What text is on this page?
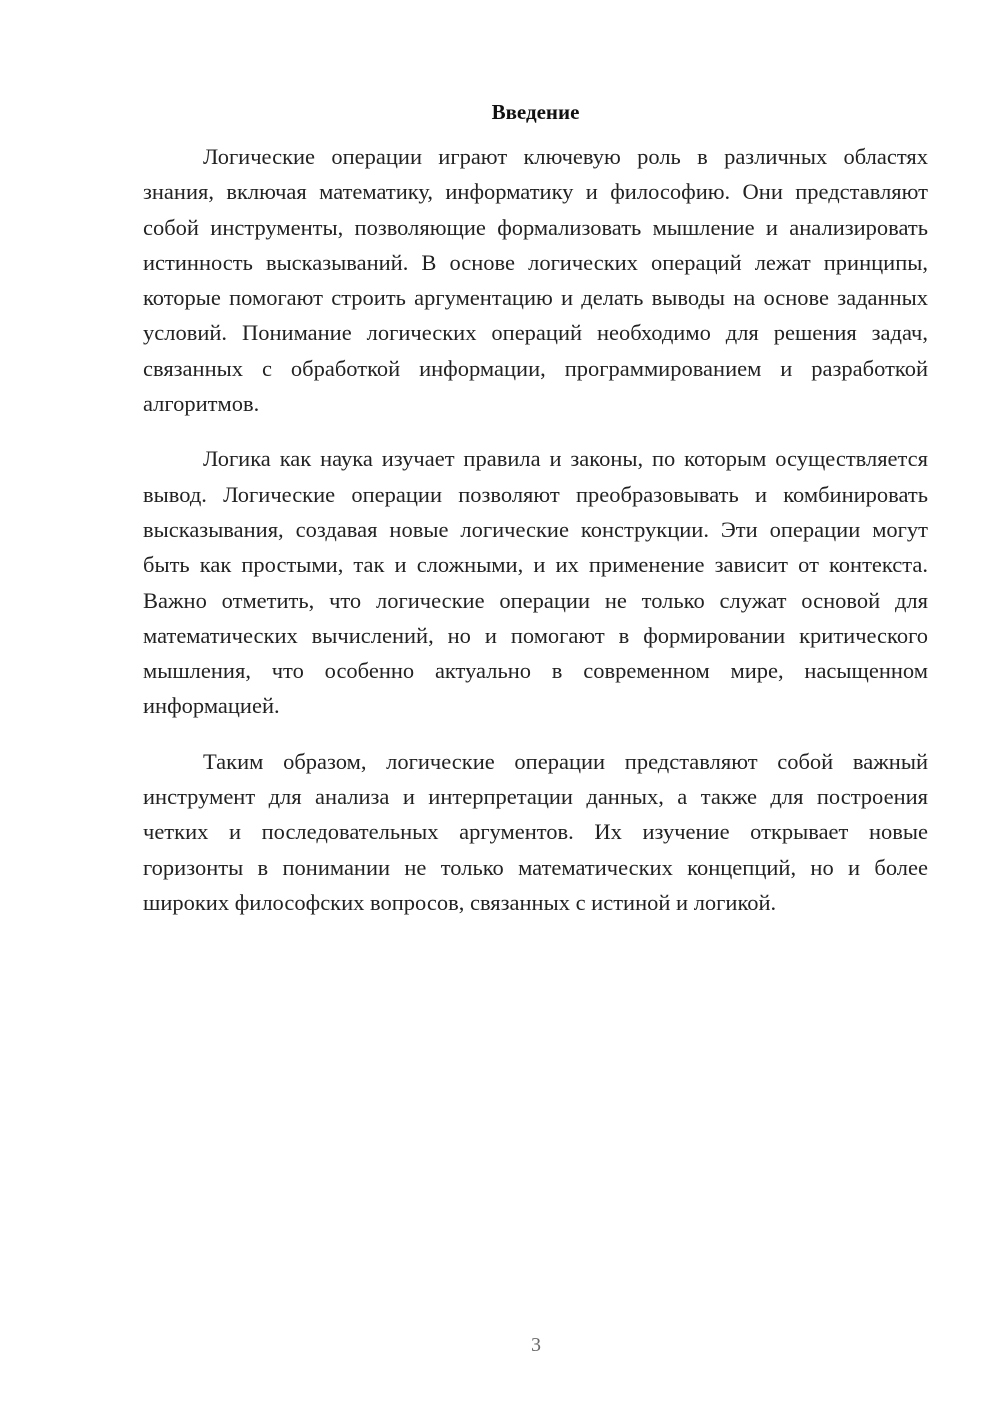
Введение

Логические операции играют ключевую роль в различных областях знания, включая математику, информатику и философию. Они представляют собой инструменты, позволяющие формализовать мышление и анализировать истинность высказываний. В основе логических операций лежат принципы, которые помогают строить аргументацию и делать выводы на основе заданных условий. Понимание логических операций необходимо для решения задач, связанных с обработкой информации, программированием и разработкой алгоритмов.

Логика как наука изучает правила и законы, по которым осуществляется вывод. Логические операции позволяют преобразовывать и комбинировать высказывания, создавая новые логические конструкции. Эти операции могут быть как простыми, так и сложными, и их применение зависит от контекста. Важно отметить, что логические операции не только служат основой для математических вычислений, но и помогают в формировании критического мышления, что особенно актуально в современном мире, насыщенном информацией.

Таким образом, логические операции представляют собой важный инструмент для анализа и интерпретации данных, а также для построения четких и последовательных аргументов. Их изучение открывает новые горизонты в понимании не только математических концепций, но и более широких философских вопросов, связанных с истиной и логикой.

3
